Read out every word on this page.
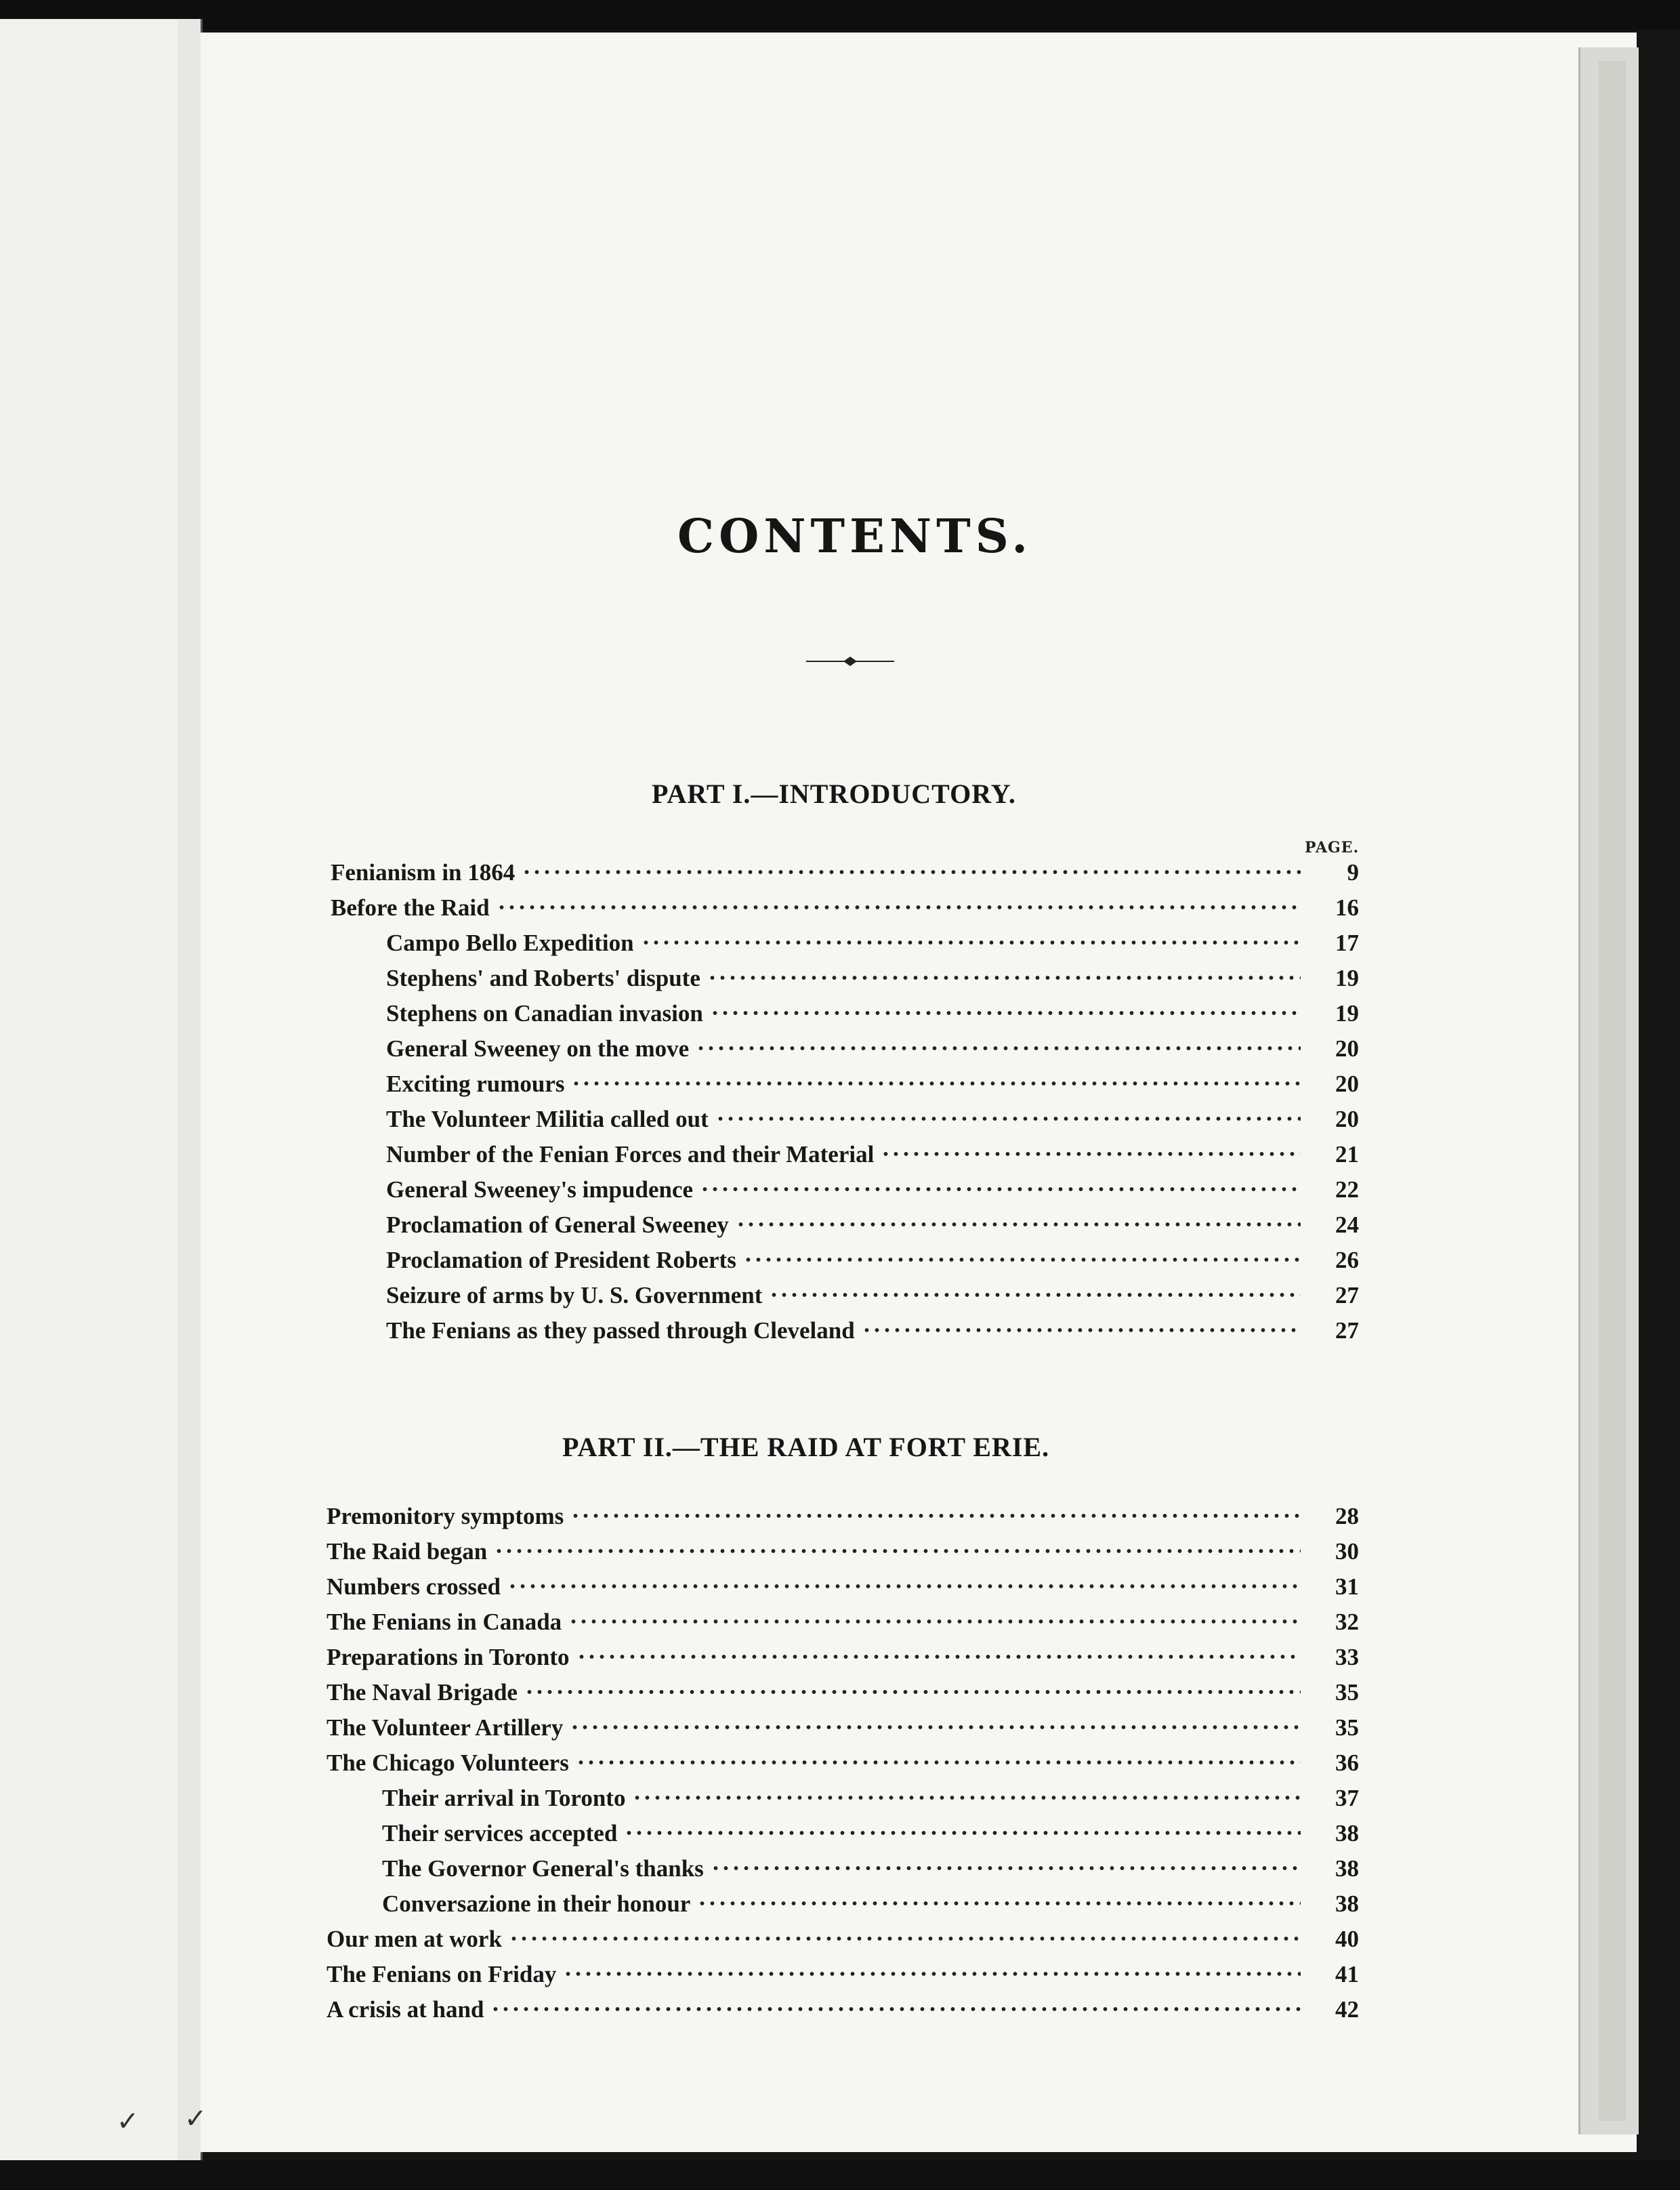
✓ ✓
CONTENTS.
PART I.—INTRODUCTORY.
PAGE.
Fenianism in 1864	9
Before the Raid	16
Campo Bello Expedition	17
Stephens' and Roberts' dispute	19
Stephens on Canadian invasion	19
General Sweeney on the move	20
Exciting rumours	20
The Volunteer Militia called out	20
Number of the Fenian Forces and their Material	21
General Sweeney's impudence	22
Proclamation of General Sweeney	24
Proclamation of President Roberts	26
Seizure of arms by U. S. Government	27
The Fenians as they passed through Cleveland	27
PART II.—THE RAID AT FORT ERIE.
Premonitory symptoms	28
The Raid began	30
Numbers crossed	31
The Fenians in Canada	32
Preparations in Toronto	33
The Naval Brigade	35
The Volunteer Artillery	35
The Chicago Volunteers	36
Their arrival in Toronto	37
Their services accepted	38
The Governor General's thanks	38
Conversazione in their honour	38
Our men at work	40
The Fenians on Friday	41
A crisis at hand	42
